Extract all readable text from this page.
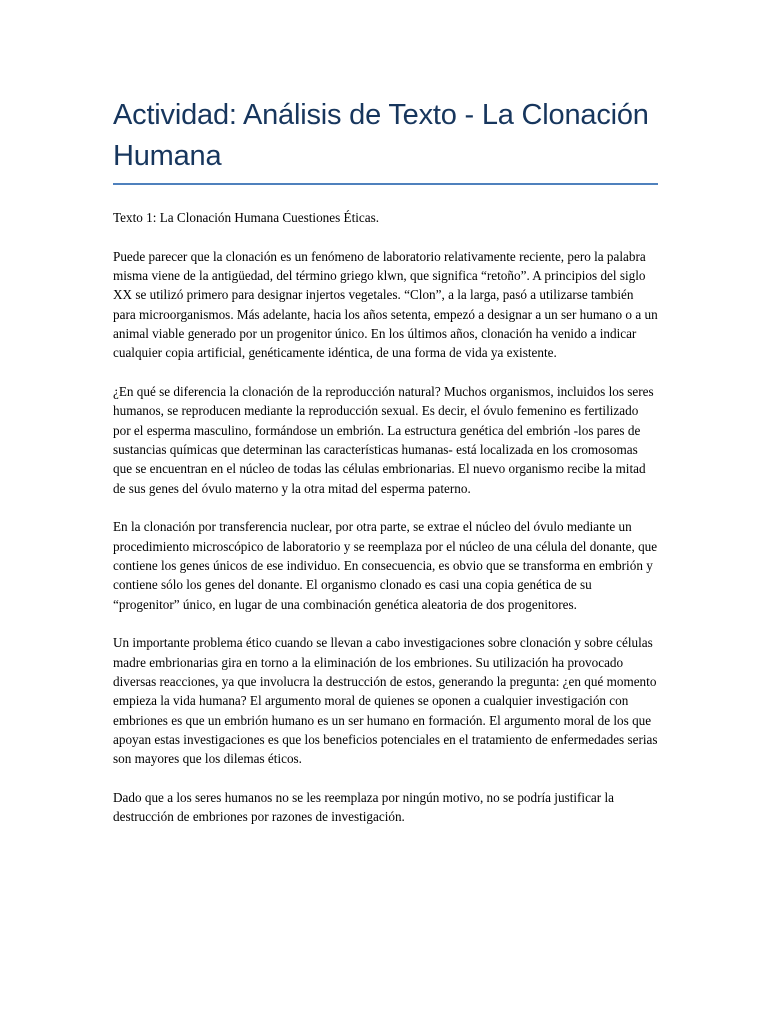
Actividad: Análisis de Texto - La Clonación Humana

Texto 1: La Clonación Humana Cuestiones Éticas.

Puede parecer que la clonación es un fenómeno de laboratorio relativamente reciente, pero la palabra misma viene de la antigüedad, del término griego klwn, que significa “retoño”. A principios del siglo XX se utilizó primero para designar injertos vegetales. “Clon”, a la larga, pasó a utilizarse también para microorganismos. Más adelante, hacia los años setenta, empezó a designar a un ser humano o a un animal viable generado por un progenitor único. En los últimos años, clonación ha venido a indicar cualquier copia artificial, genéticamente idéntica, de una forma de vida ya existente.

¿En qué se diferencia la clonación de la reproducción natural? Muchos organismos, incluidos los seres humanos, se reproducen mediante la reproducción sexual. Es decir, el óvulo femenino es fertilizado por el esperma masculino, formándose un embrión. La estructura genética del embrión -los pares de sustancias químicas que determinan las características humanas- está localizada en los cromosomas que se encuentran en el núcleo de todas las células embrionarias. El nuevo organismo recibe la mitad de sus genes del óvulo materno y la otra mitad del esperma paterno.

En la clonación por transferencia nuclear, por otra parte, se extrae el núcleo del óvulo mediante un procedimiento microscópico de laboratorio y se reemplaza por el núcleo de una célula del donante, que contiene los genes únicos de ese individuo. En consecuencia, es obvio que se transforma en embrión y contiene sólo los genes del donante. El organismo clonado es casi una copia genética de su “progenitor” único, en lugar de una combinación genética aleatoria de dos progenitores.

Un importante problema ético cuando se llevan a cabo investigaciones sobre clonación y sobre células madre embrionarias gira en torno a la eliminación de los embriones. Su utilización ha provocado diversas reacciones, ya que involucra la destrucción de estos, generando la pregunta: ¿en qué momento empieza la vida humana? El argumento moral de quienes se oponen a cualquier investigación con embriones es que un embrión humano es un ser humano en formación. El argumento moral de los que apoyan estas investigaciones es que los beneficios potenciales en el tratamiento de enfermedades serias son mayores que los dilemas éticos.

Dado que a los seres humanos no se les reemplaza por ningún motivo, no se podría justificar la destrucción de embriones por razones de investigación.
